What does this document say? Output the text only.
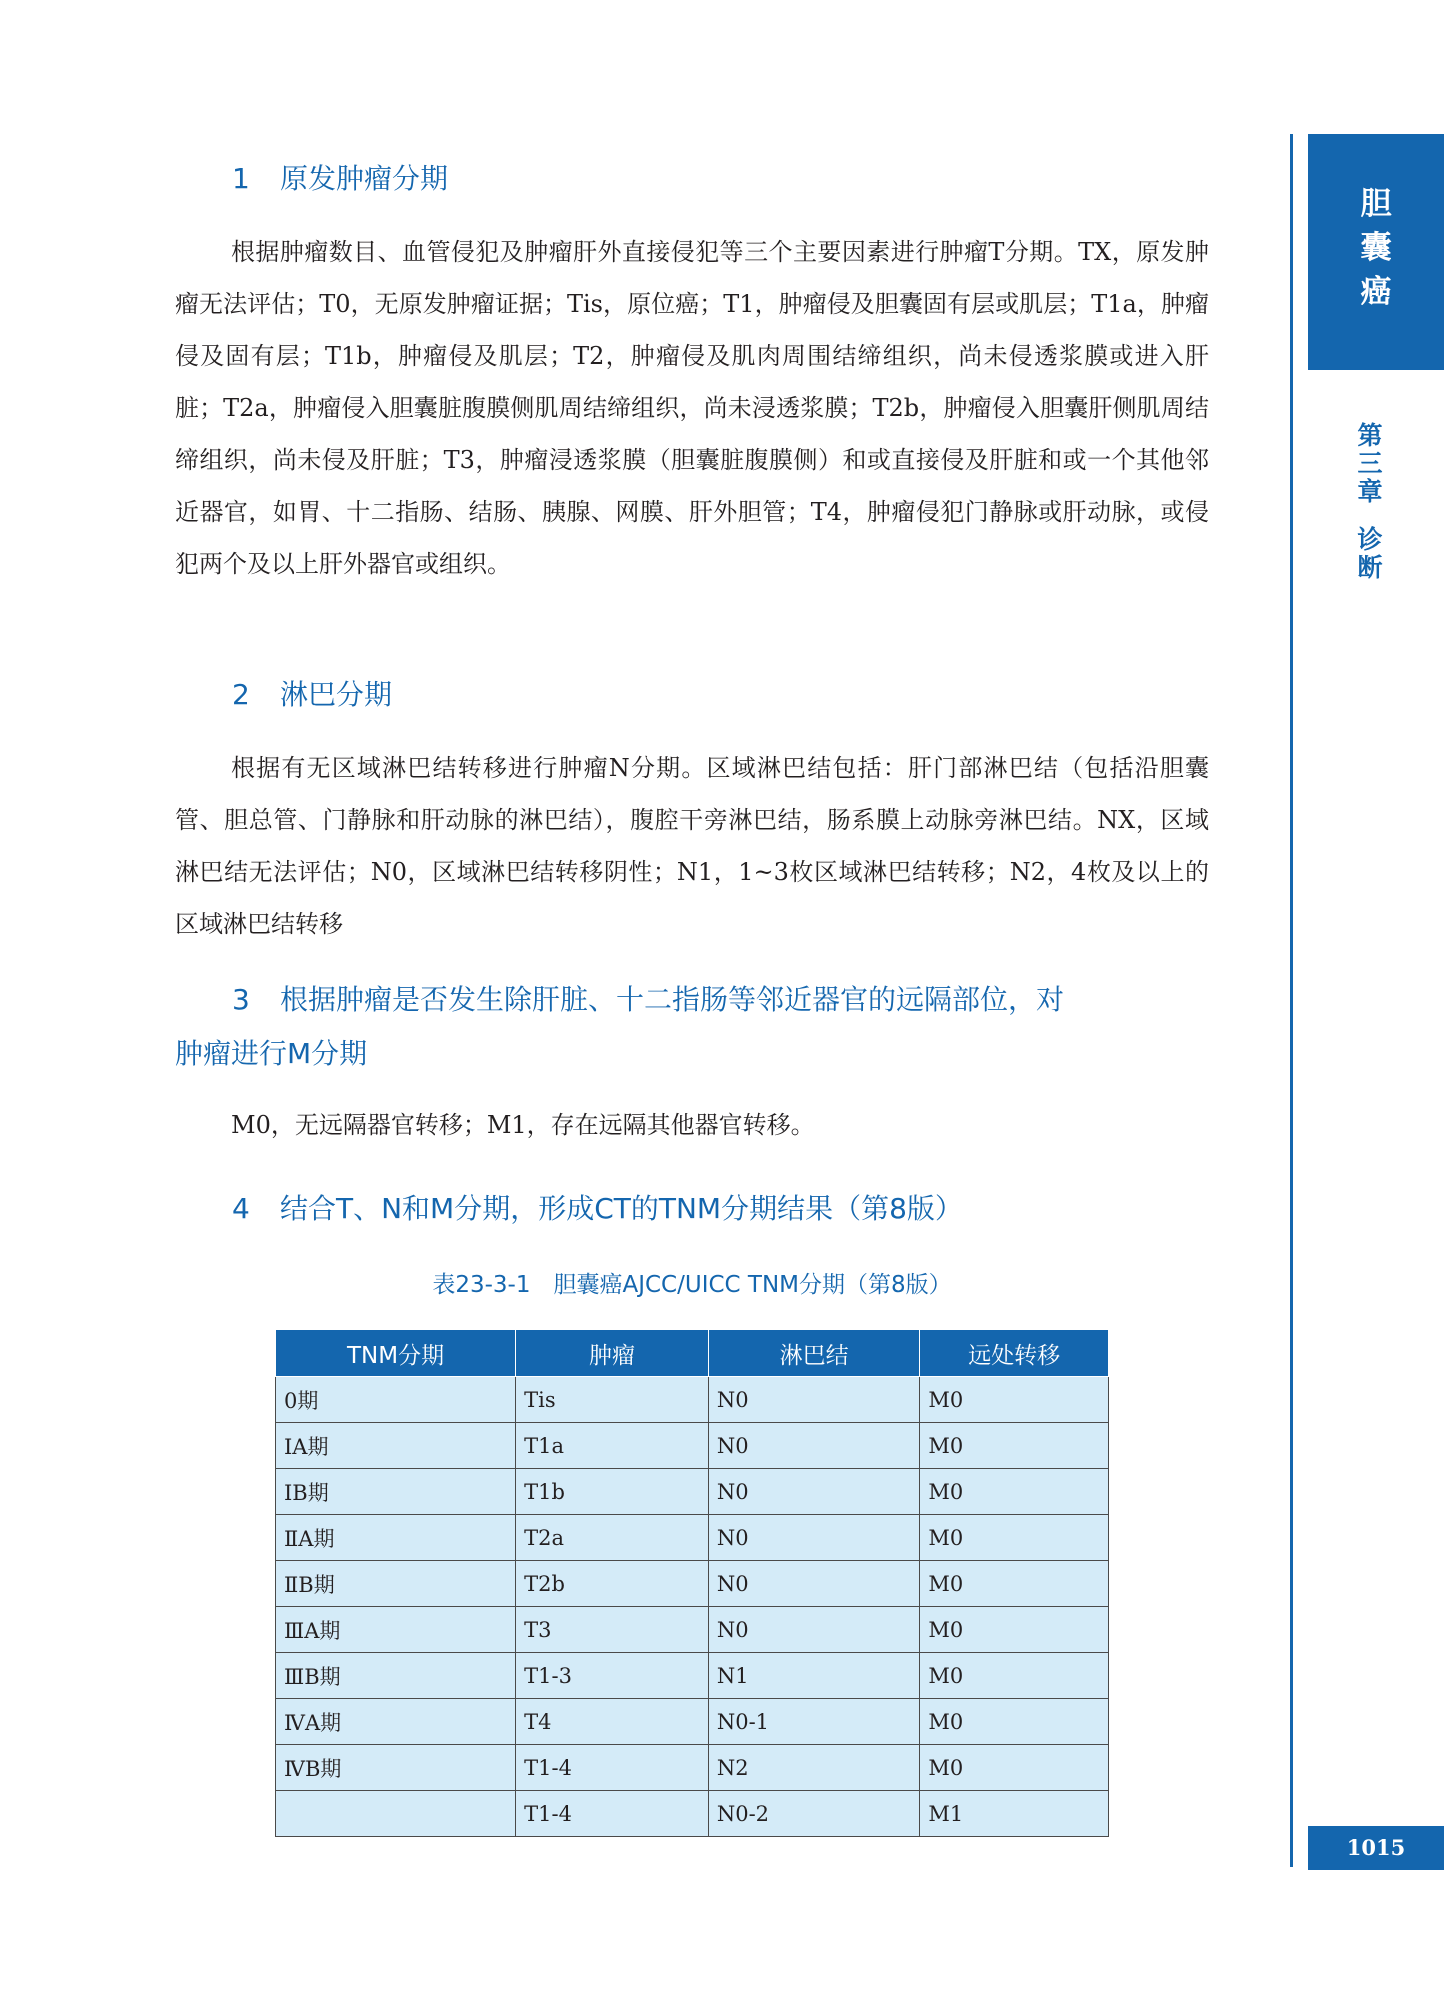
胆
囊
癌
第
三
章
诊
断
1015
1 原发肿瘤分期

根据肿瘤数目、血管侵犯及肿瘤肝外直接侵犯等三个主要因素进行肿瘤T分期。TX，原发肿瘤无法评估；T0，无原发肿瘤证据；Tis，原位癌；T1，肿瘤侵及胆囊固有层或肌层；T1a，肿瘤侵及固有层；T1b，肿瘤侵及肌层；T2，肿瘤侵及肌肉周围结缔组织，尚未侵透浆膜或进入肝脏；T2a，肿瘤侵入胆囊脏腹膜侧肌周结缔组织，尚未浸透浆膜；T2b，肿瘤侵入胆囊肝侧肌周结缔组织，尚未侵及肝脏；T3，肿瘤浸透浆膜（胆囊脏腹膜侧）和或直接侵及肝脏和或一个其他邻近器官，如胃、十二指肠、结肠、胰腺、网膜、肝外胆管；T4，肿瘤侵犯门静脉或肝动脉，或侵犯两个及以上肝外器官或组织。

2 淋巴分期

根据有无区域淋巴结转移进行肿瘤N分期。区域淋巴结包括：肝门部淋巴结（包括沿胆囊管、胆总管、门静脉和肝动脉的淋巴结），腹腔干旁淋巴结，肠系膜上动脉旁淋巴结。NX，区域淋巴结无法评估；N0，区域淋巴结转移阴性；N1，1~3枚区域淋巴结转移；N2，4枚及以上的区域淋巴结转移

3 根据肿瘤是否发生除肝脏、十二指肠等邻近器官的远隔部位，对
肿瘤进行M分期

M0，无远隔器官转移；M1，存在远隔其他器官转移。

4 结合T、N和M分期，形成CT的TNM分期结果（第8版）
表23-3-1　胆囊癌AJCC/UICC TNM分期（第8版）
TNM分期	肿瘤	淋巴结	远处转移
0期	Tis	N0	M0
ⅠA期	T1a	N0	M0
ⅠB期	T1b	N0	M0
ⅡA期	T2a	N0	M0
ⅡB期	T2b	N0	M0
ⅢA期	T3	N0	M0
ⅢB期	T1-3	N1	M0
ⅣA期	T4	N0-1	M0
ⅣB期	T1-4	N2	M0
	T1-4	N0-2	M1
